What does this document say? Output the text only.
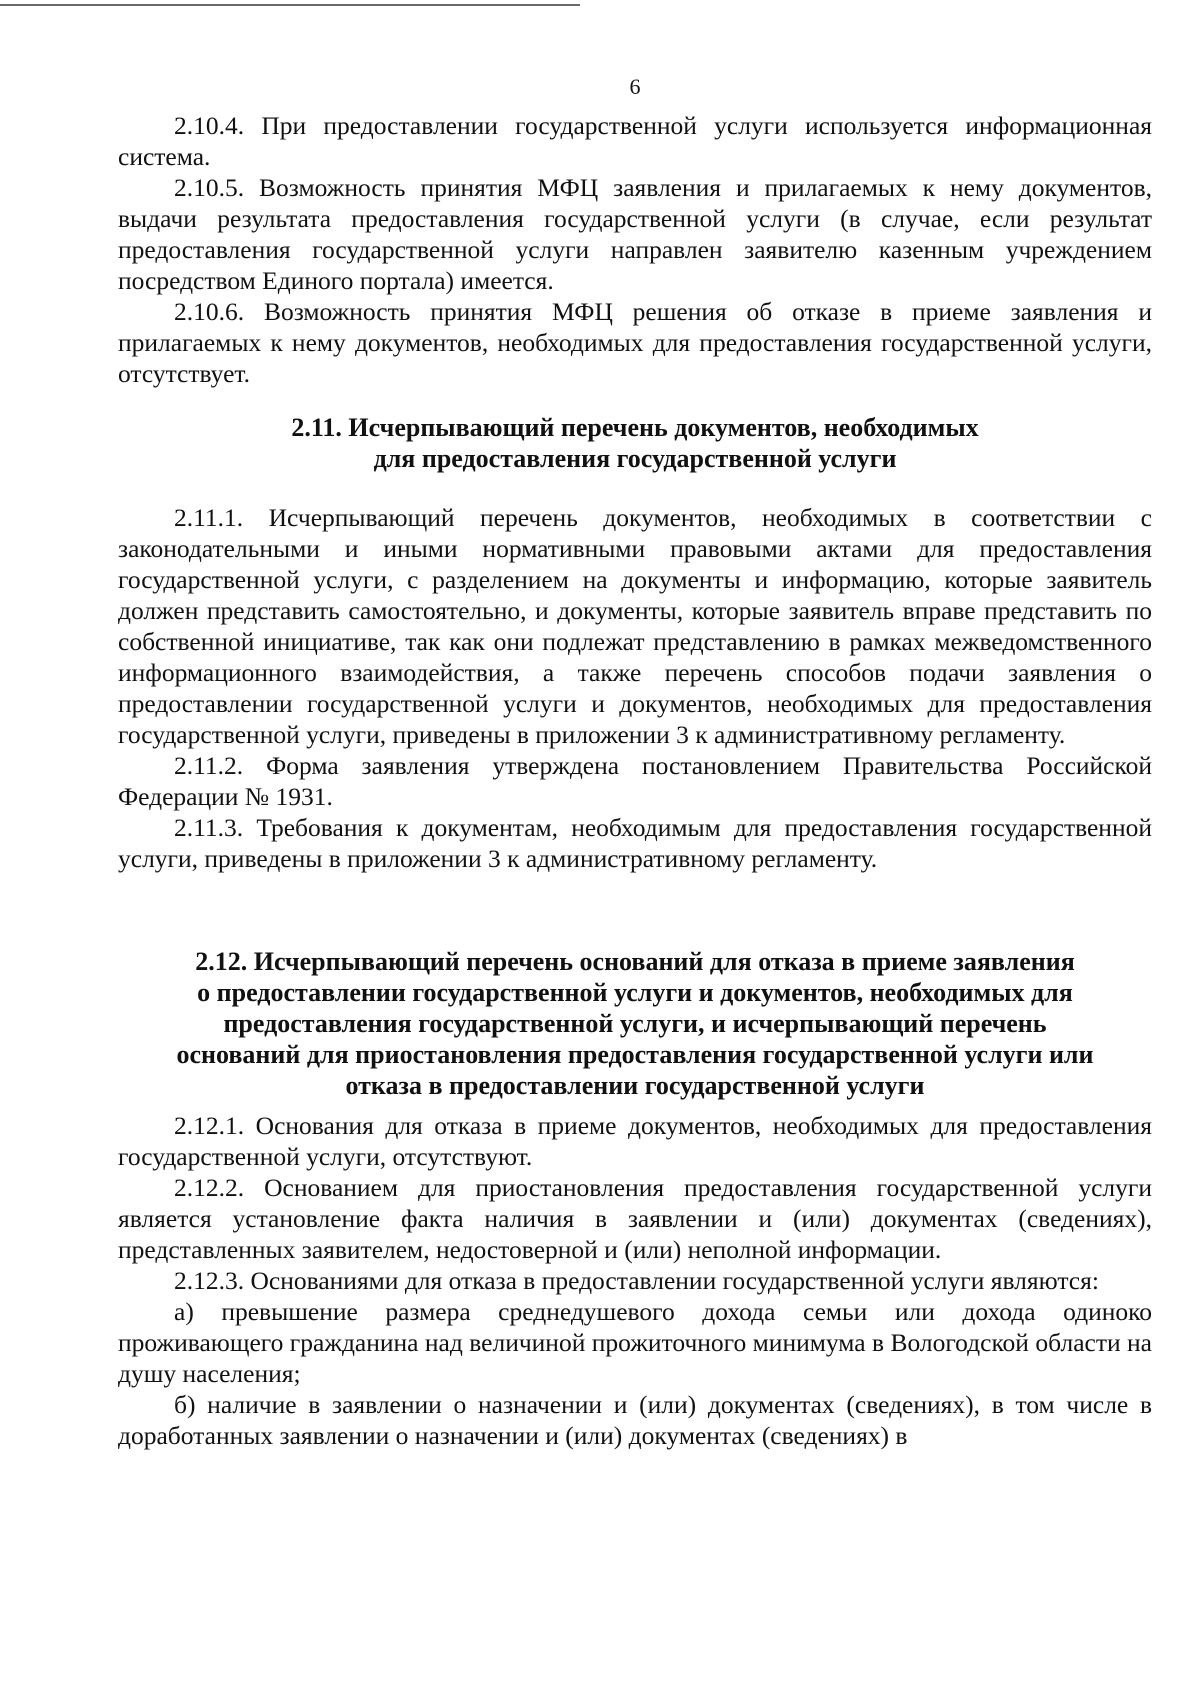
6

2.10.4. При предоставлении государственной услуги используется информационная система.

2.10.5. Возможность принятия МФЦ заявления и прилагаемых к нему документов, выдачи результата предоставления государственной услуги (в случае, если результат предоставления государственной услуги направлен заявителю казенным учреждением посредством Единого портала) имеется.

2.10.6. Возможность принятия МФЦ решения об отказе в приеме заявления и прилагаемых к нему документов, необходимых для предоставления государственной услуги, отсутствует.

2.11. Исчерпывающий перечень документов, необходимых
для предоставления государственной услуги

2.11.1. Исчерпывающий перечень документов, необходимых в соответствии с законодательными и иными нормативными правовыми актами для предоставления государственной услуги, с разделением на документы и информацию, которые заявитель должен представить самостоятельно, и документы, которые заявитель вправе представить по собственной инициативе, так как они подлежат представлению в рамках межведомственного информационного взаимодействия, а также перечень способов подачи заявления о предоставлении государственной услуги и документов, необходимых для предоставления государственной услуги, приведены в приложении 3 к административному регламенту.

2.11.2. Форма заявления утверждена постановлением Правительства Российской Федерации № 1931.

2.11.3. Требования к документам, необходимым для предоставления государственной услуги, приведены в приложении 3 к административному регламенту.

2.12. Исчерпывающий перечень оснований для отказа в приеме заявления
о предоставлении государственной услуги и документов, необходимых для
предоставления государственной услуги, и исчерпывающий перечень
оснований для приостановления предоставления государственной услуги или
отказа в предоставлении государственной услуги

2.12.1. Основания для отказа в приеме документов, необходимых для предоставления государственной услуги, отсутствуют.

2.12.2. Основанием для приостановления предоставления государственной услуги является установление факта наличия в заявлении и (или) документах (сведениях), представленных заявителем, недостоверной и (или) неполной информации.

2.12.3. Основаниями для отказа в предоставлении государственной услуги являются:

а) превышение размера среднедушевого дохода семьи или дохода одиноко проживающего гражданина над величиной прожиточного минимума в Вологодской области на душу населения;

б) наличие в заявлении о назначении и (или) документах (сведениях), в том числе в доработанных заявлении о назначении и (или) документах (сведениях) в
